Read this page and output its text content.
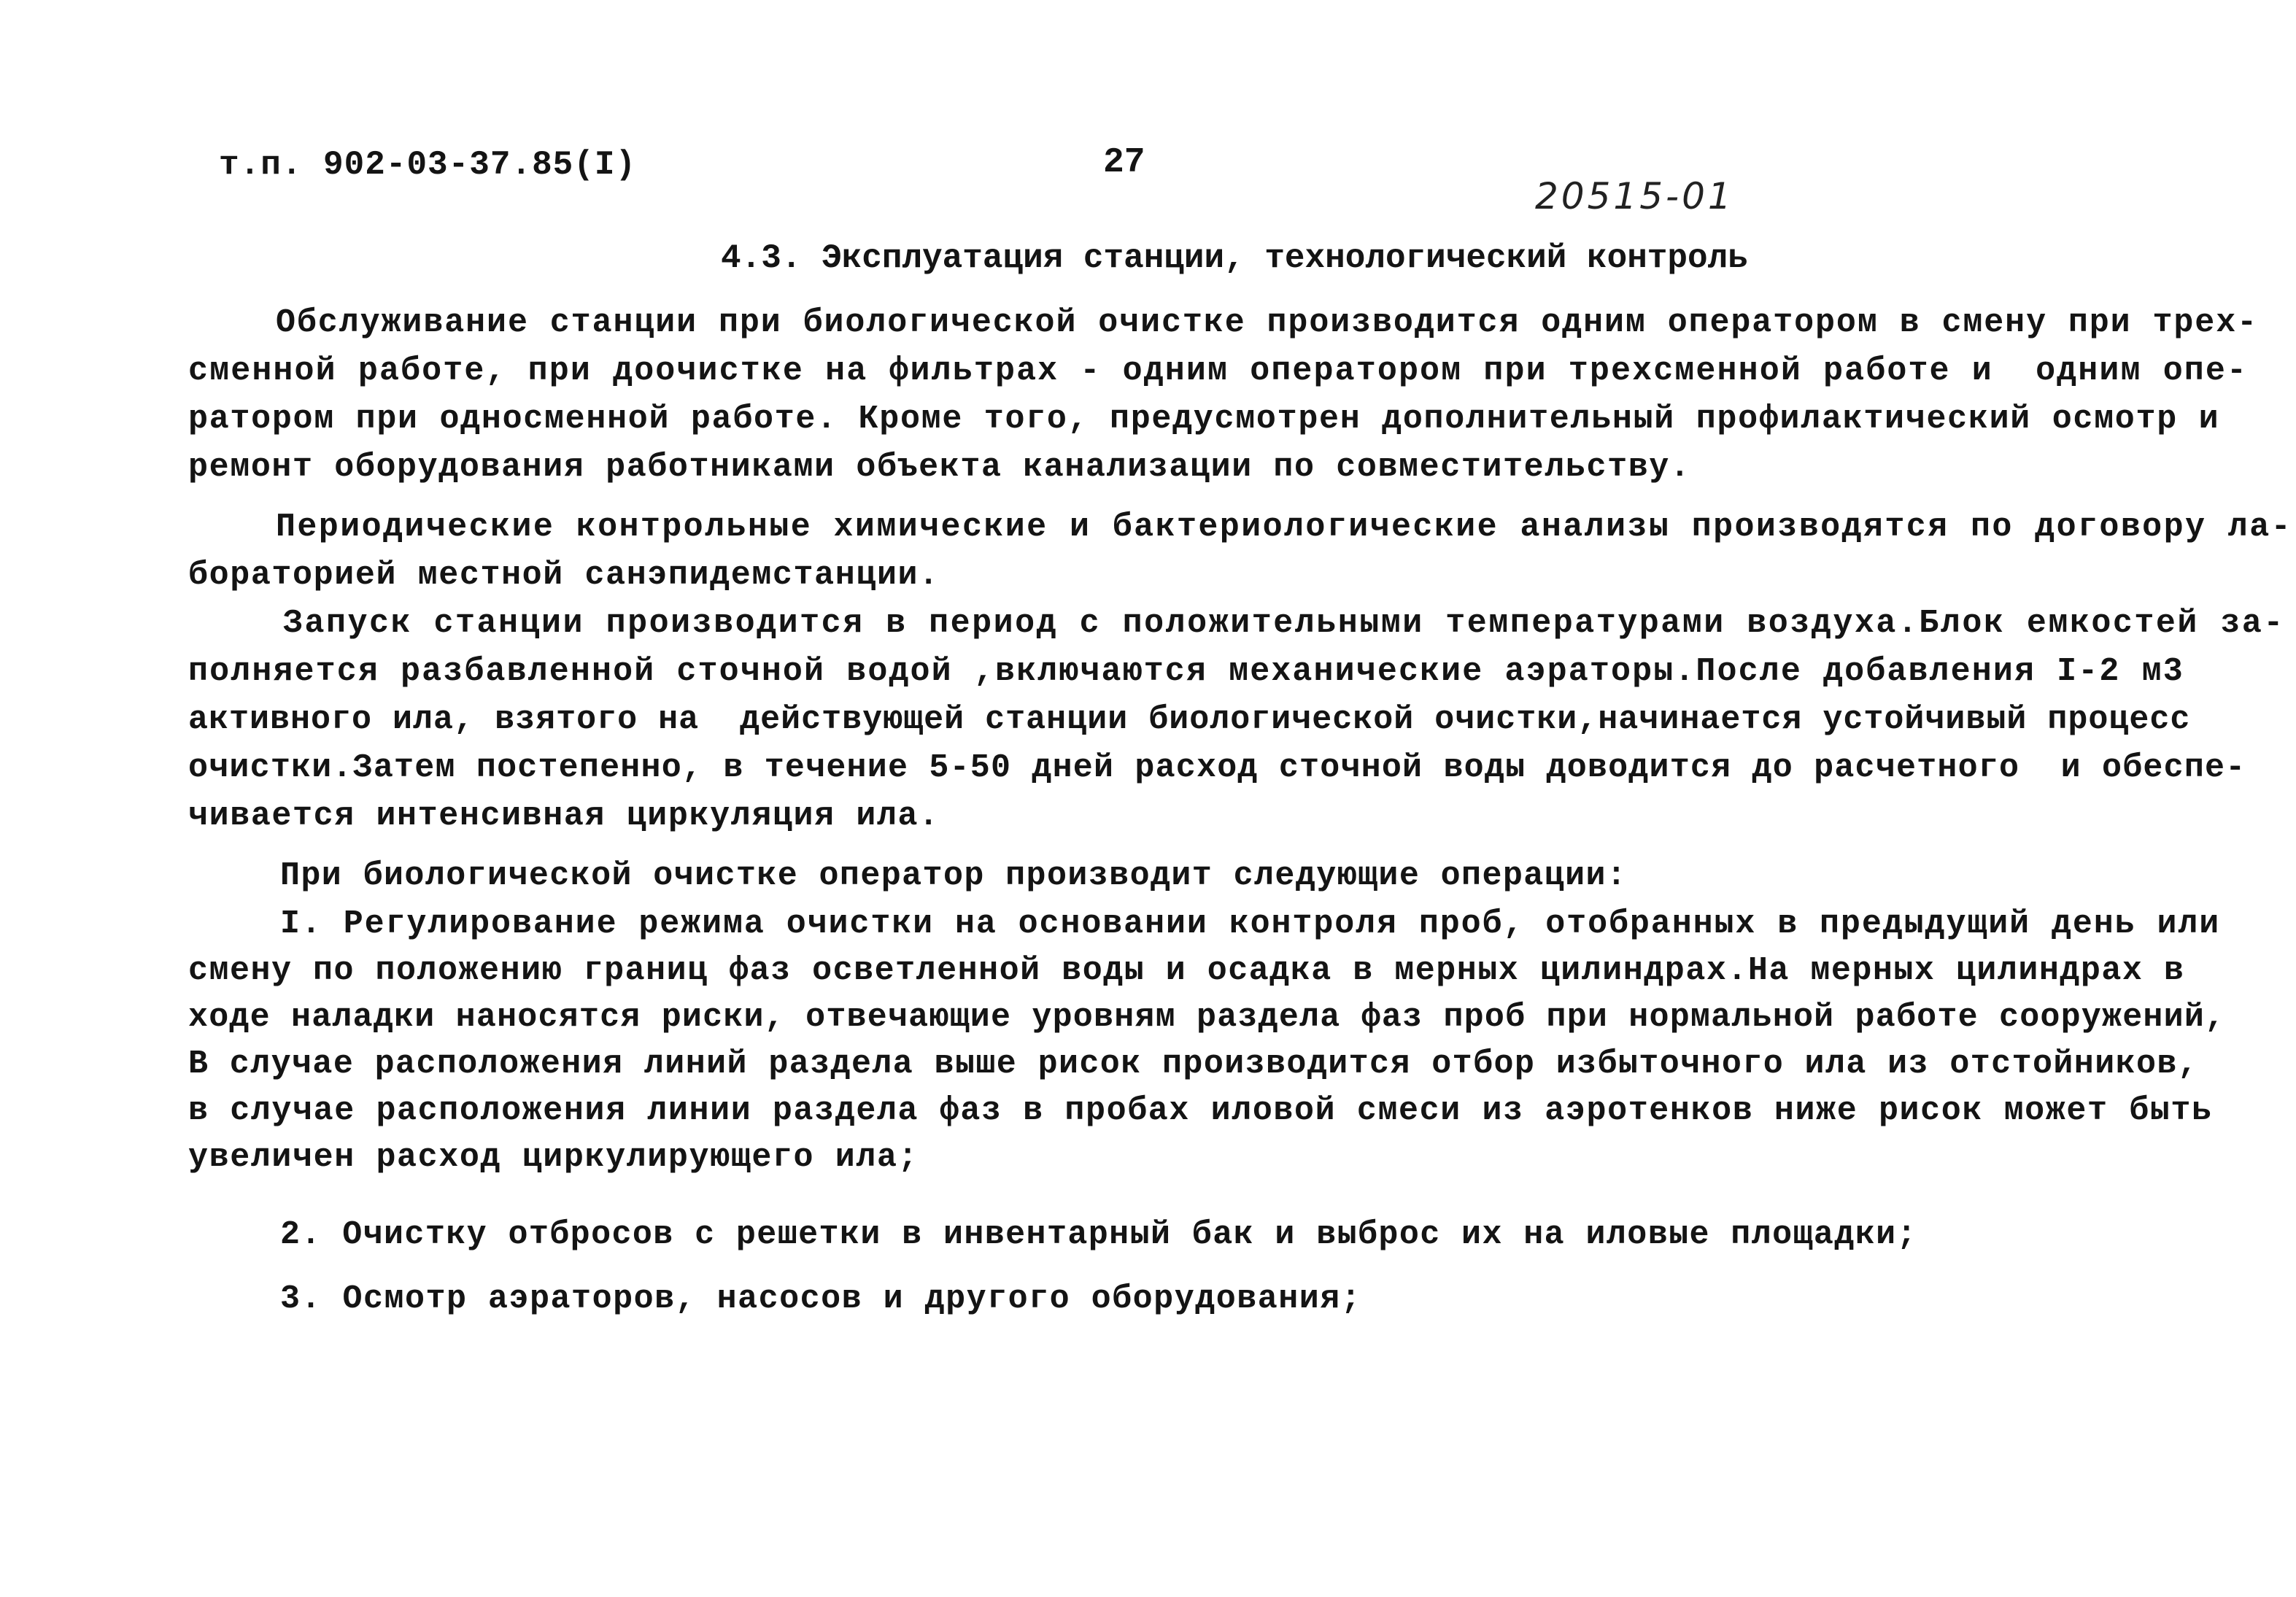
т.п. 902-03-37.85(I)	27
20515-01
4.3. Эксплуатация станции, технологический контроль
Обслуживание станции при биологической очистке производится одним оператором в смену при трех-
сменной работе, при доочистке на фильтрах - одним оператором при трехсменной работе и  одним опе-
ратором при односменной работе. Кроме того, предусмотрен дополнительный профилактический осмотр и
ремонт оборудования работниками объекта канализации по совместительству.
Периодические контрольные химические и бактериологические анализы производятся по договору ла-
бораторией местной санэпидемстанции.
Запуск станции производится в период с положительными температурами воздуха.Блок емкостей за-
полняется разбавленной сточной водой ,включаются механические аэраторы.После добавления I-2 м3
активного ила, взятого на  действующей станции биологической очистки,начинается устойчивый процесс
очистки.Затем постепенно, в течение 5-50 дней расход сточной воды доводится до расчетного  и обеспе-
чивается интенсивная циркуляция ила.
При биологической очистке оператор производит следующие операции:
I. Регулирование режима очистки на основании контроля проб, отобранных в предыдущий день или
смену по положению границ фаз осветленной воды и осадка в мерных цилиндрах.На мерных цилиндрах в
ходе наладки наносятся риски, отвечающие уровням раздела фаз проб при нормальной работе сооружений,
В случае расположения линий раздела выше рисок производится отбор избыточного ила из отстойников,
в случае расположения линии раздела фаз в пробах иловой смеси из аэротенков ниже рисок может быть
увеличен расход циркулирующего ила;
2. Очистку отбросов с решетки в инвентарный бак и выброс их на иловые площадки;
3. Осмотр аэраторов, насосов и другого оборудования;
